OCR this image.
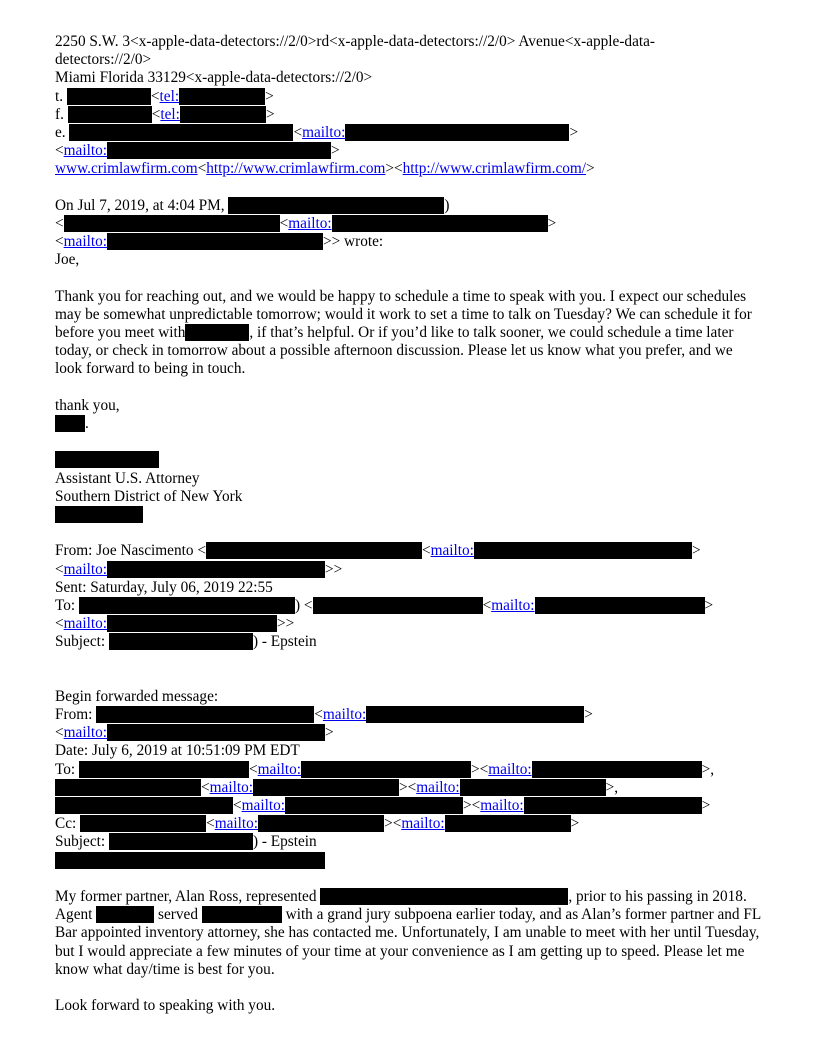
2250 S.W. 3<x-apple-data-detectors://2/0>rd<x-apple-data-detectors://2/0> Avenue<x-apple-data-
detectors://2/0>
Miami Florida 33129<x-apple-data-detectors://2/0>
t.	<tel:	>
f.	<tel:	>
e.	<mailto:	>
<mailto:	>
www.crimlawfirm.com<http://www.crimlawfirm.com><http://www.crimlawfirm.com/>
On Jul 7, 2019, at 4:04 PM,	)
<	<mailto:	>
<mailto:	>> wrote:
Joe,
Thank you for reaching out, and we would be happy to schedule a time to speak with you. I expect our schedules may be somewhat unpredictable tomorrow; would it work to set a time to talk on Tuesday? We can schedule it for before you meet with	, if that’s helpful. Or if you’d like to talk sooner, we could schedule a time later today, or check in tomorrow about a possible afternoon discussion. Please let us know what you prefer, and we look forward to being in touch.
thank you,
.
Assistant U.S. Attorney
Southern District of New York
From: Joe Nascimento <	<mailto:	>
<mailto:	>>
Sent: Saturday, July 06, 2019 22:55
To:	) <	<mailto:	>
<mailto:	>>
Subject:	) - Epstein
Begin forwarded message:
From:	<mailto:	>
<mailto:	>
Date: July 6, 2019 at 10:51:09 PM EDT
To:	<mailto:	><mailto:	>,
<mailto:	><mailto:	>,
<mailto:	><mailto:	>
Cc:	<mailto:	><mailto:	>
Subject:	) - Epstein
My former partner, Alan Ross, represented	, prior to his passing in 2018. Agent	served	with a grand jury subpoena earlier today, and as Alan’s former partner and FL Bar appointed inventory attorney, she has contacted me. Unfortunately, I am unable to meet with her until Tuesday, but I would appreciate a few minutes of your time at your convenience as I am getting up to speed. Please let me know what day/time is best for you.
Look forward to speaking with you.
